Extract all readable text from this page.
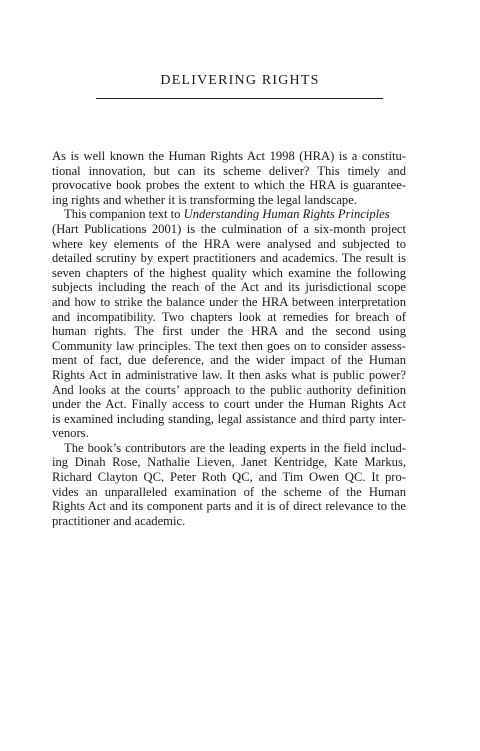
DELIVERING RIGHTS
As is well known the Human Rights Act 1998 (HRA) is a constitu-
tional innovation, but can its scheme deliver? This timely and
provocative book probes the extent to which the HRA is guarantee-
ing rights and whether it is transforming the legal landscape.
This companion text to Understanding Human Rights Principles
(Hart Publications 2001) is the culmination of a six-month project
where key elements of the HRA were analysed and subjected to
detailed scrutiny by expert practitioners and academics. The result is
seven chapters of the highest quality which examine the following
subjects including the reach of the Act and its jurisdictional scope
and how to strike the balance under the HRA between interpretation
and incompatibility. Two chapters look at remedies for breach of
human rights. The first under the HRA and the second using
Community law principles. The text then goes on to consider assess-
ment of fact, due deference, and the wider impact of the Human
Rights Act in administrative law. It then asks what is public power?
And looks at the courts’ approach to the public authority definition
under the Act. Finally access to court under the Human Rights Act
is examined including standing, legal assistance and third party inter-
venors.
The book’s contributors are the leading experts in the field includ-
ing Dinah Rose, Nathalie Lieven, Janet Kentridge, Kate Markus,
Richard Clayton QC, Peter Roth QC, and Tim Owen QC. It pro-
vides an unparalleled examination of the scheme of the Human
Rights Act and its component parts and it is of direct relevance to the
practitioner and academic.
